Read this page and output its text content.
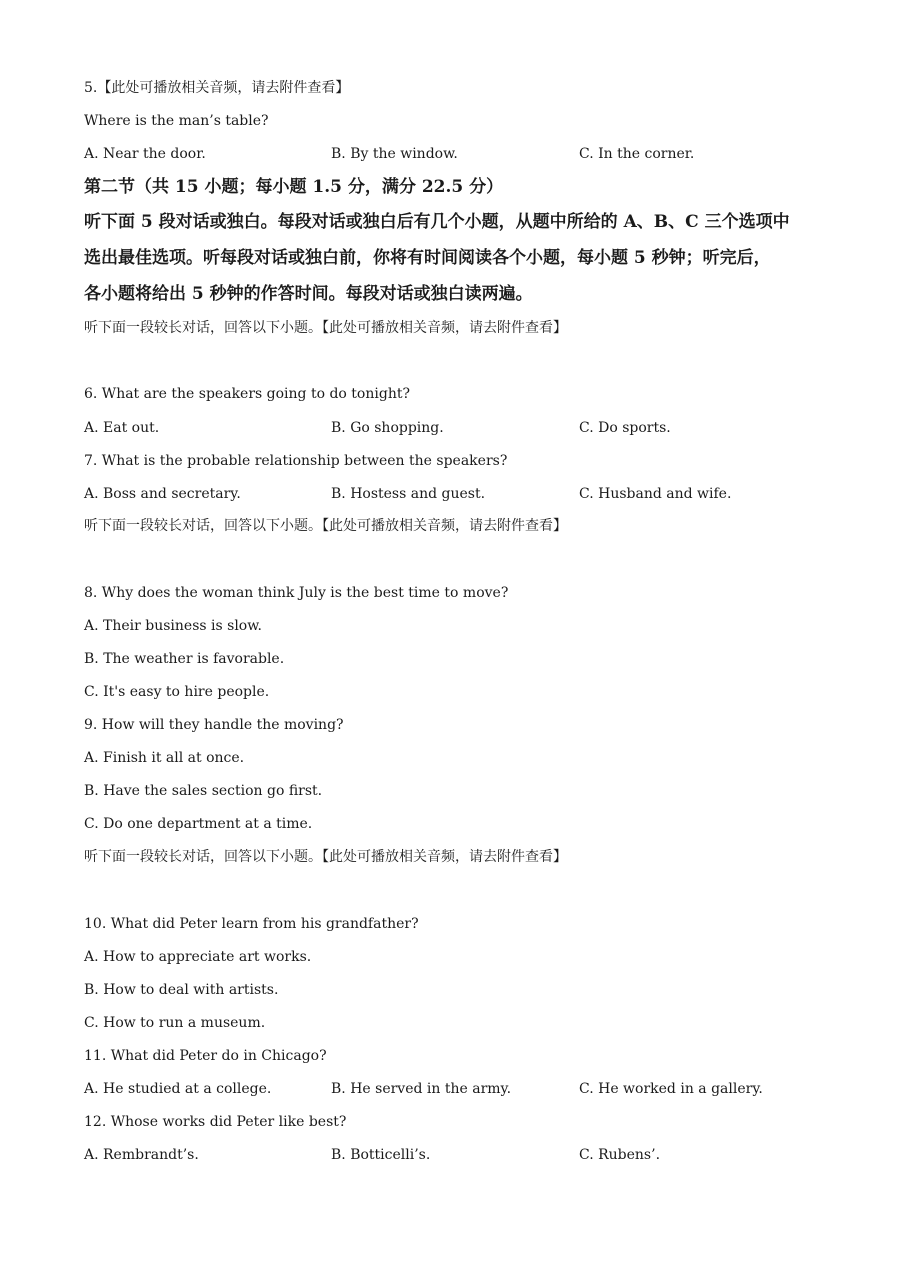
5.【此处可播放相关音频，请去附件查看】
Where is the man’s table?
A. Near the door.	B. By the window.	C. In the corner.
第二节（共 15 小题；每小题 1.5 分，满分 22.5 分）
听下面 5 段对话或独白。每段对话或独白后有几个小题，从题中所给的 A、B、C 三个选项中
选出最佳选项。听每段对话或独白前，你将有时间阅读各个小题，每小题 5 秒钟；听完后，
各小题将给出 5 秒钟的作答时间。每段对话或独白读两遍。
听下面一段较长对话，回答以下小题。【此处可播放相关音频，请去附件查看】
6. What are the speakers going to do tonight?
A. Eat out.	B. Go shopping.	C. Do sports.
7. What is the probable relationship between the speakers?
A. Boss and secretary.	B. Hostess and guest.	C. Husband and wife.
听下面一段较长对话，回答以下小题。【此处可播放相关音频，请去附件查看】
8. Why does the woman think July is the best time to move?
A. Their business is slow.
B. The weather is favorable.
C. It's easy to hire people.
9. How will they handle the moving?
A. Finish it all at once.
B. Have the sales section go first.
C. Do one department at a time.
听下面一段较长对话，回答以下小题。【此处可播放相关音频，请去附件查看】
10. What did Peter learn from his grandfather?
A. How to appreciate art works.
B. How to deal with artists.
C. How to run a museum.
11. What did Peter do in Chicago?
A. He studied at a college.	B. He served in the army.	C. He worked in a gallery.
12. Whose works did Peter like best?
A. Rembrandt’s.	B. Botticelli’s.	C. Rubens’.
